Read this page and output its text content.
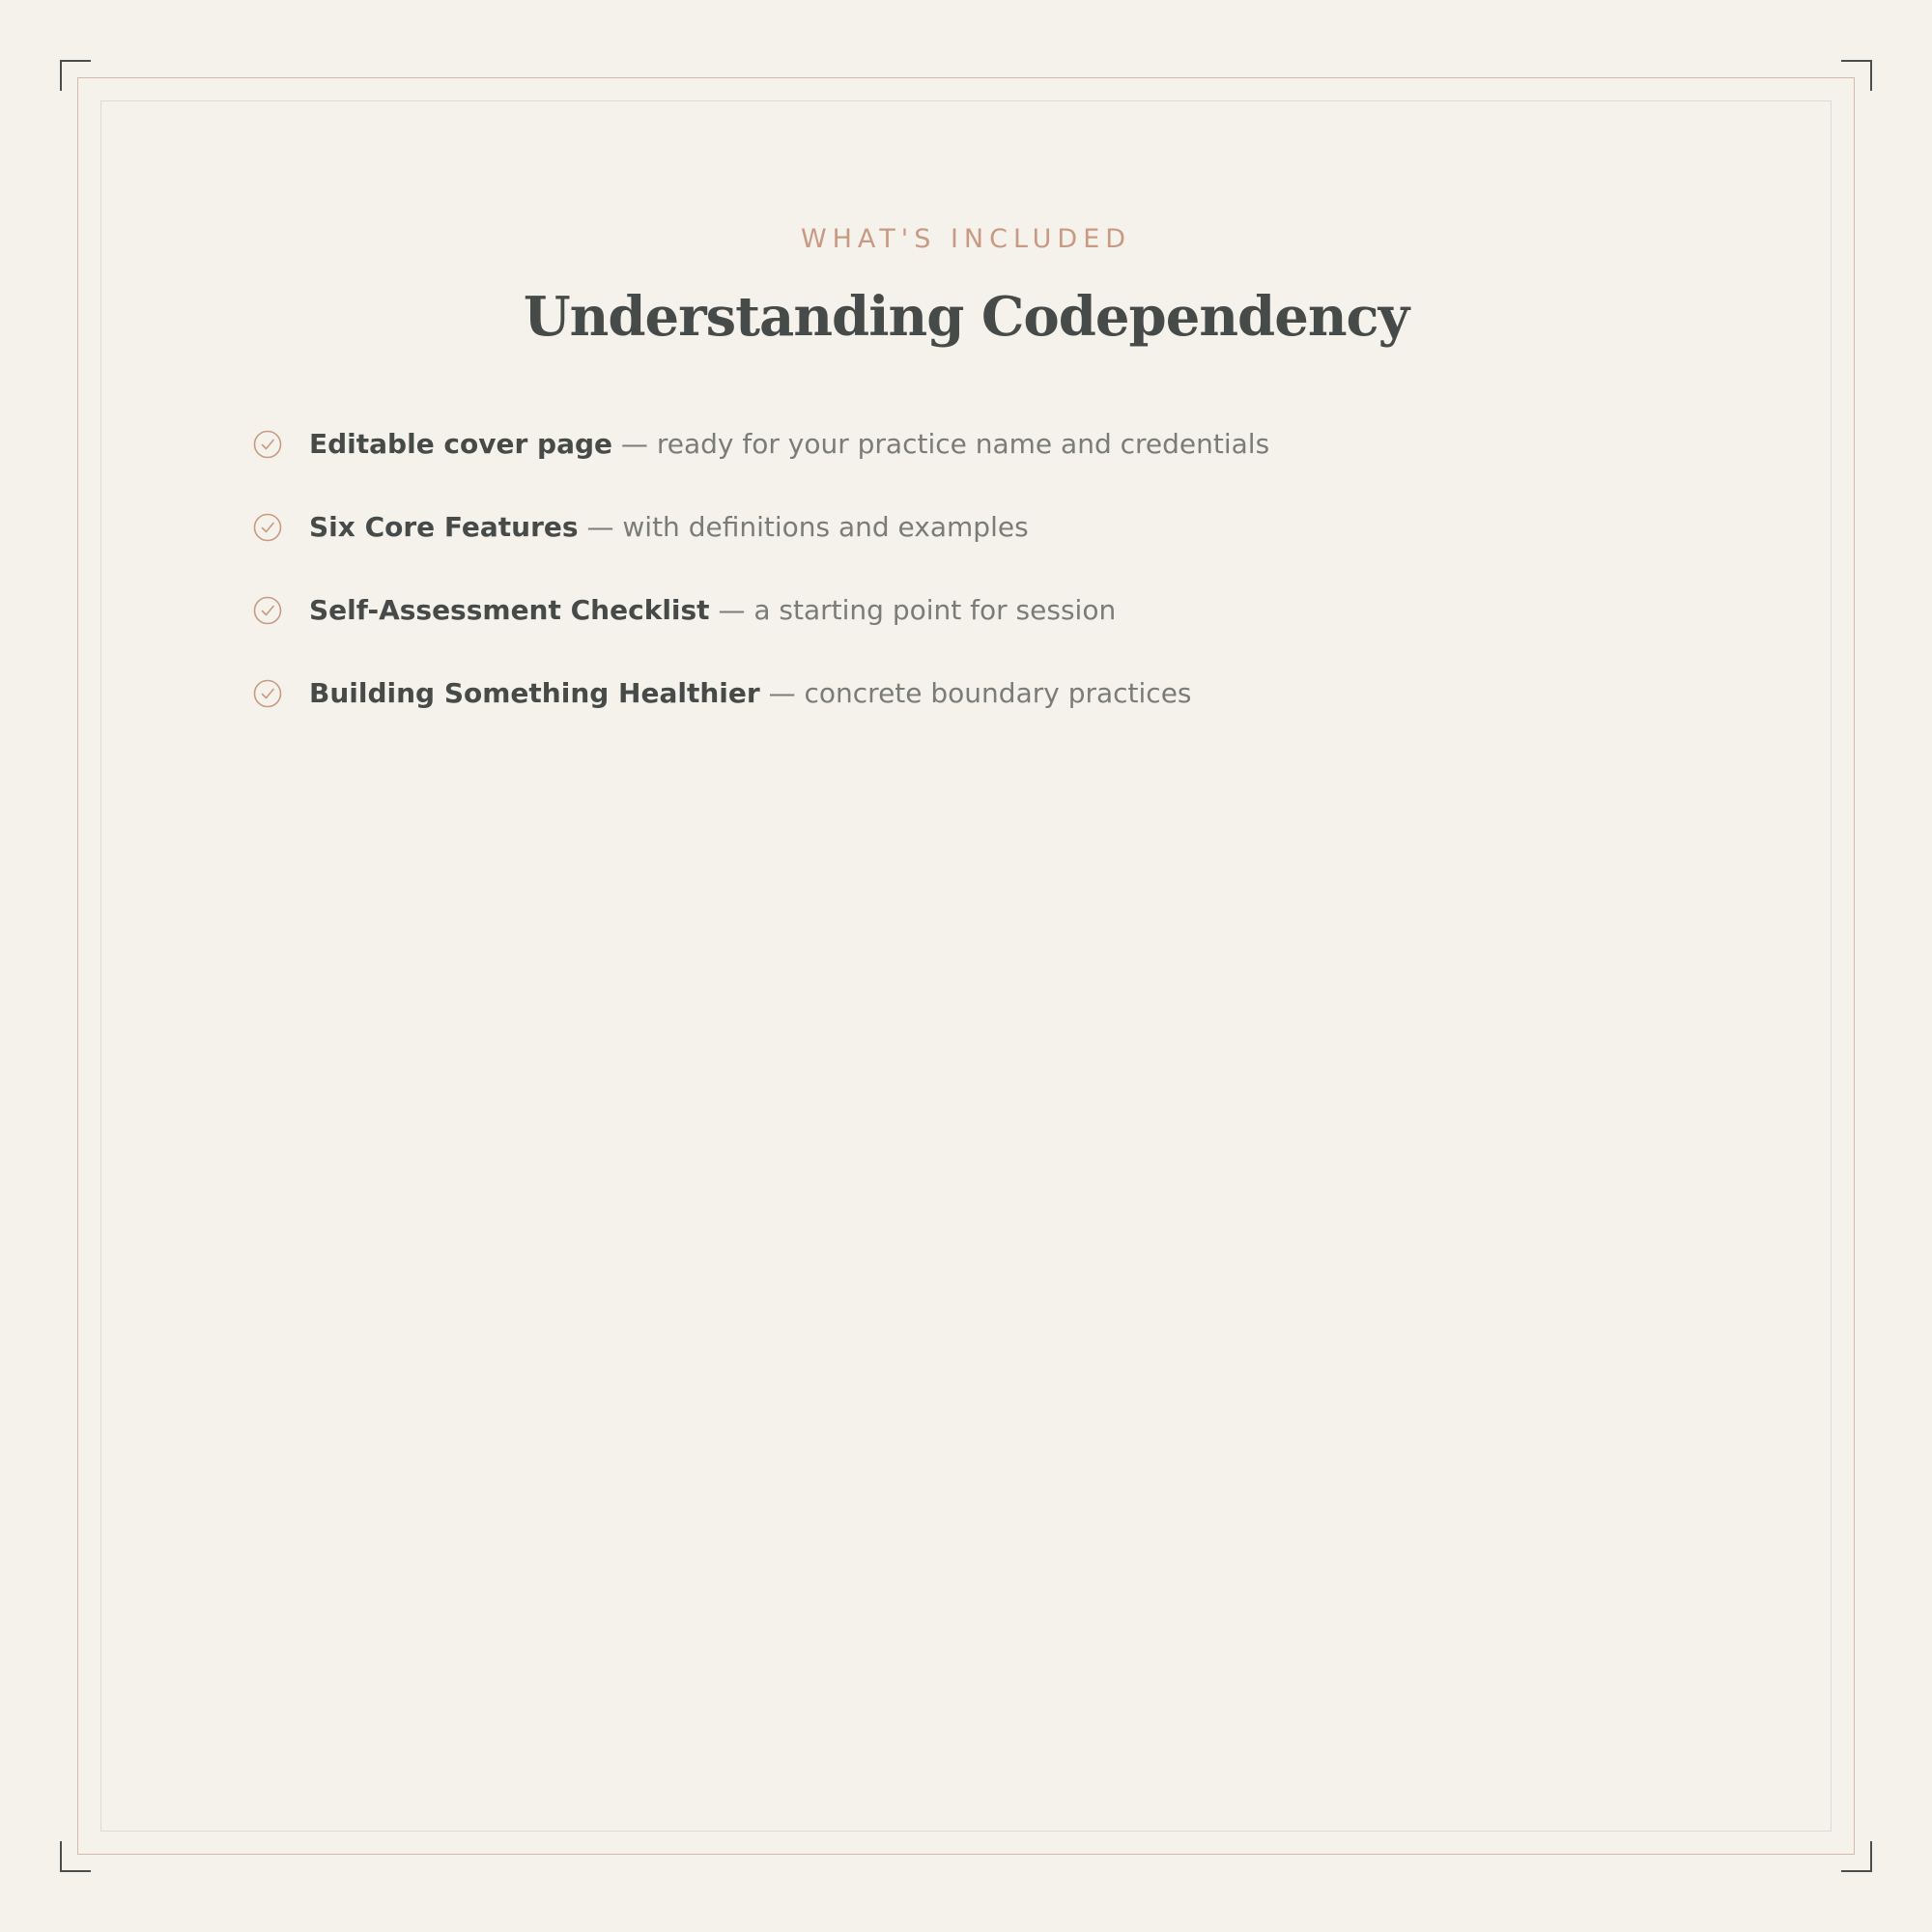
WHAT'S INCLUDED
Understanding Codependency
Editable cover page — ready for your practice name and credentials
Six Core Features — with definitions and examples
Self-Assessment Checklist — a starting point for session
Building Something Healthier — concrete boundary practices
